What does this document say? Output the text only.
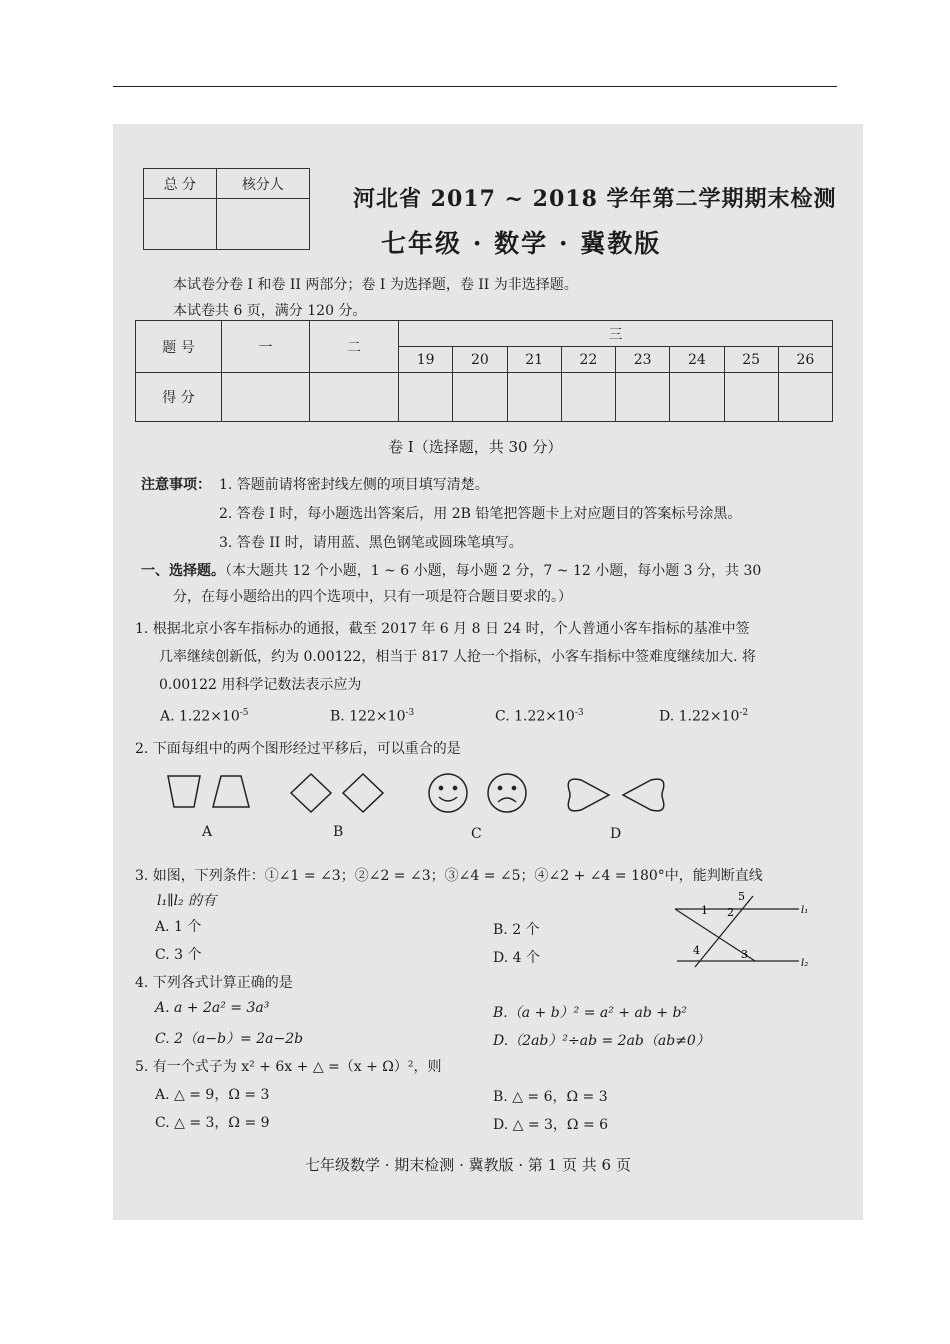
总 分	核分人

河北省 2017 ~ 2018 学年第二学期期末检测
七年级 · 数学 · 冀教版
本试卷分卷 I 和卷 II 两部分；卷 I 为选择题，卷 II 为非选择题。
本试卷共 6 页，满分 120 分。
题 号	一	二	三							
			19	20	21	22	23	24	25	26
得 分										
卷 I（选择题，共 30 分）
注意事项： 1. 答题前请将密封线左侧的项目填写清楚。
2. 答卷 I 时，每小题选出答案后，用 2B 铅笔把答题卡上对应题目的答案标号涂黑。
3. 答卷 II 时，请用蓝、黑色钢笔或圆珠笔填写。
一、选择题。（本大题共 12 个小题，1 ~ 6 小题，每小题 2 分，7 ~ 12 小题，每小题 3 分，共 30
分，在每小题给出的四个选项中，只有一项是符合题目要求的。）
1. 根据北京小客车指标办的通报，截至 2017 年 6 月 8 日 24 时，个人普通小客车指标的基准中签
几率继续创新低，约为 0.00122，相当于 817 人抢一个指标，小客车指标中签难度继续加大. 将
0.00122 用科学记数法表示应为
A. $1.22\times 10^{-5}$	B. $122\times 10^{-3}$	C. $1.22\times 10^{-3}$	D. $1.22\times 10^{-2}$
2. 下面每组中的两个图形经过平移后，可以重合的是
A	B	C	D
3. 如图，下列条件：①∠1 = ∠3；②∠2 = ∠3；③∠4 = ∠5；④∠2 + ∠4 = 180°中，能判断直线
l₁∥l₂ 的有
A. 1 个	B. 2 个
C. 3 个	D. 4 个
5
1 2	l₁
4	3
l₂
4. 下列各式计算正确的是
A. a + 2a² = 3a³	B.（a + b）² = a² + ab + b²
C. 2（a−b）= 2a−2b	D.（2ab）²÷ab = 2ab（ab≠0）
5. 有一个式子为 x² + 6x + △ =（x + Ω）²，则
A. △ = 9，Ω = 3	B. △ = 6，Ω = 3
C. △ = 3，Ω = 9	D. △ = 3，Ω = 6
七年级数学 · 期末检测 · 冀教版 · 第 1 页 共 6 页
